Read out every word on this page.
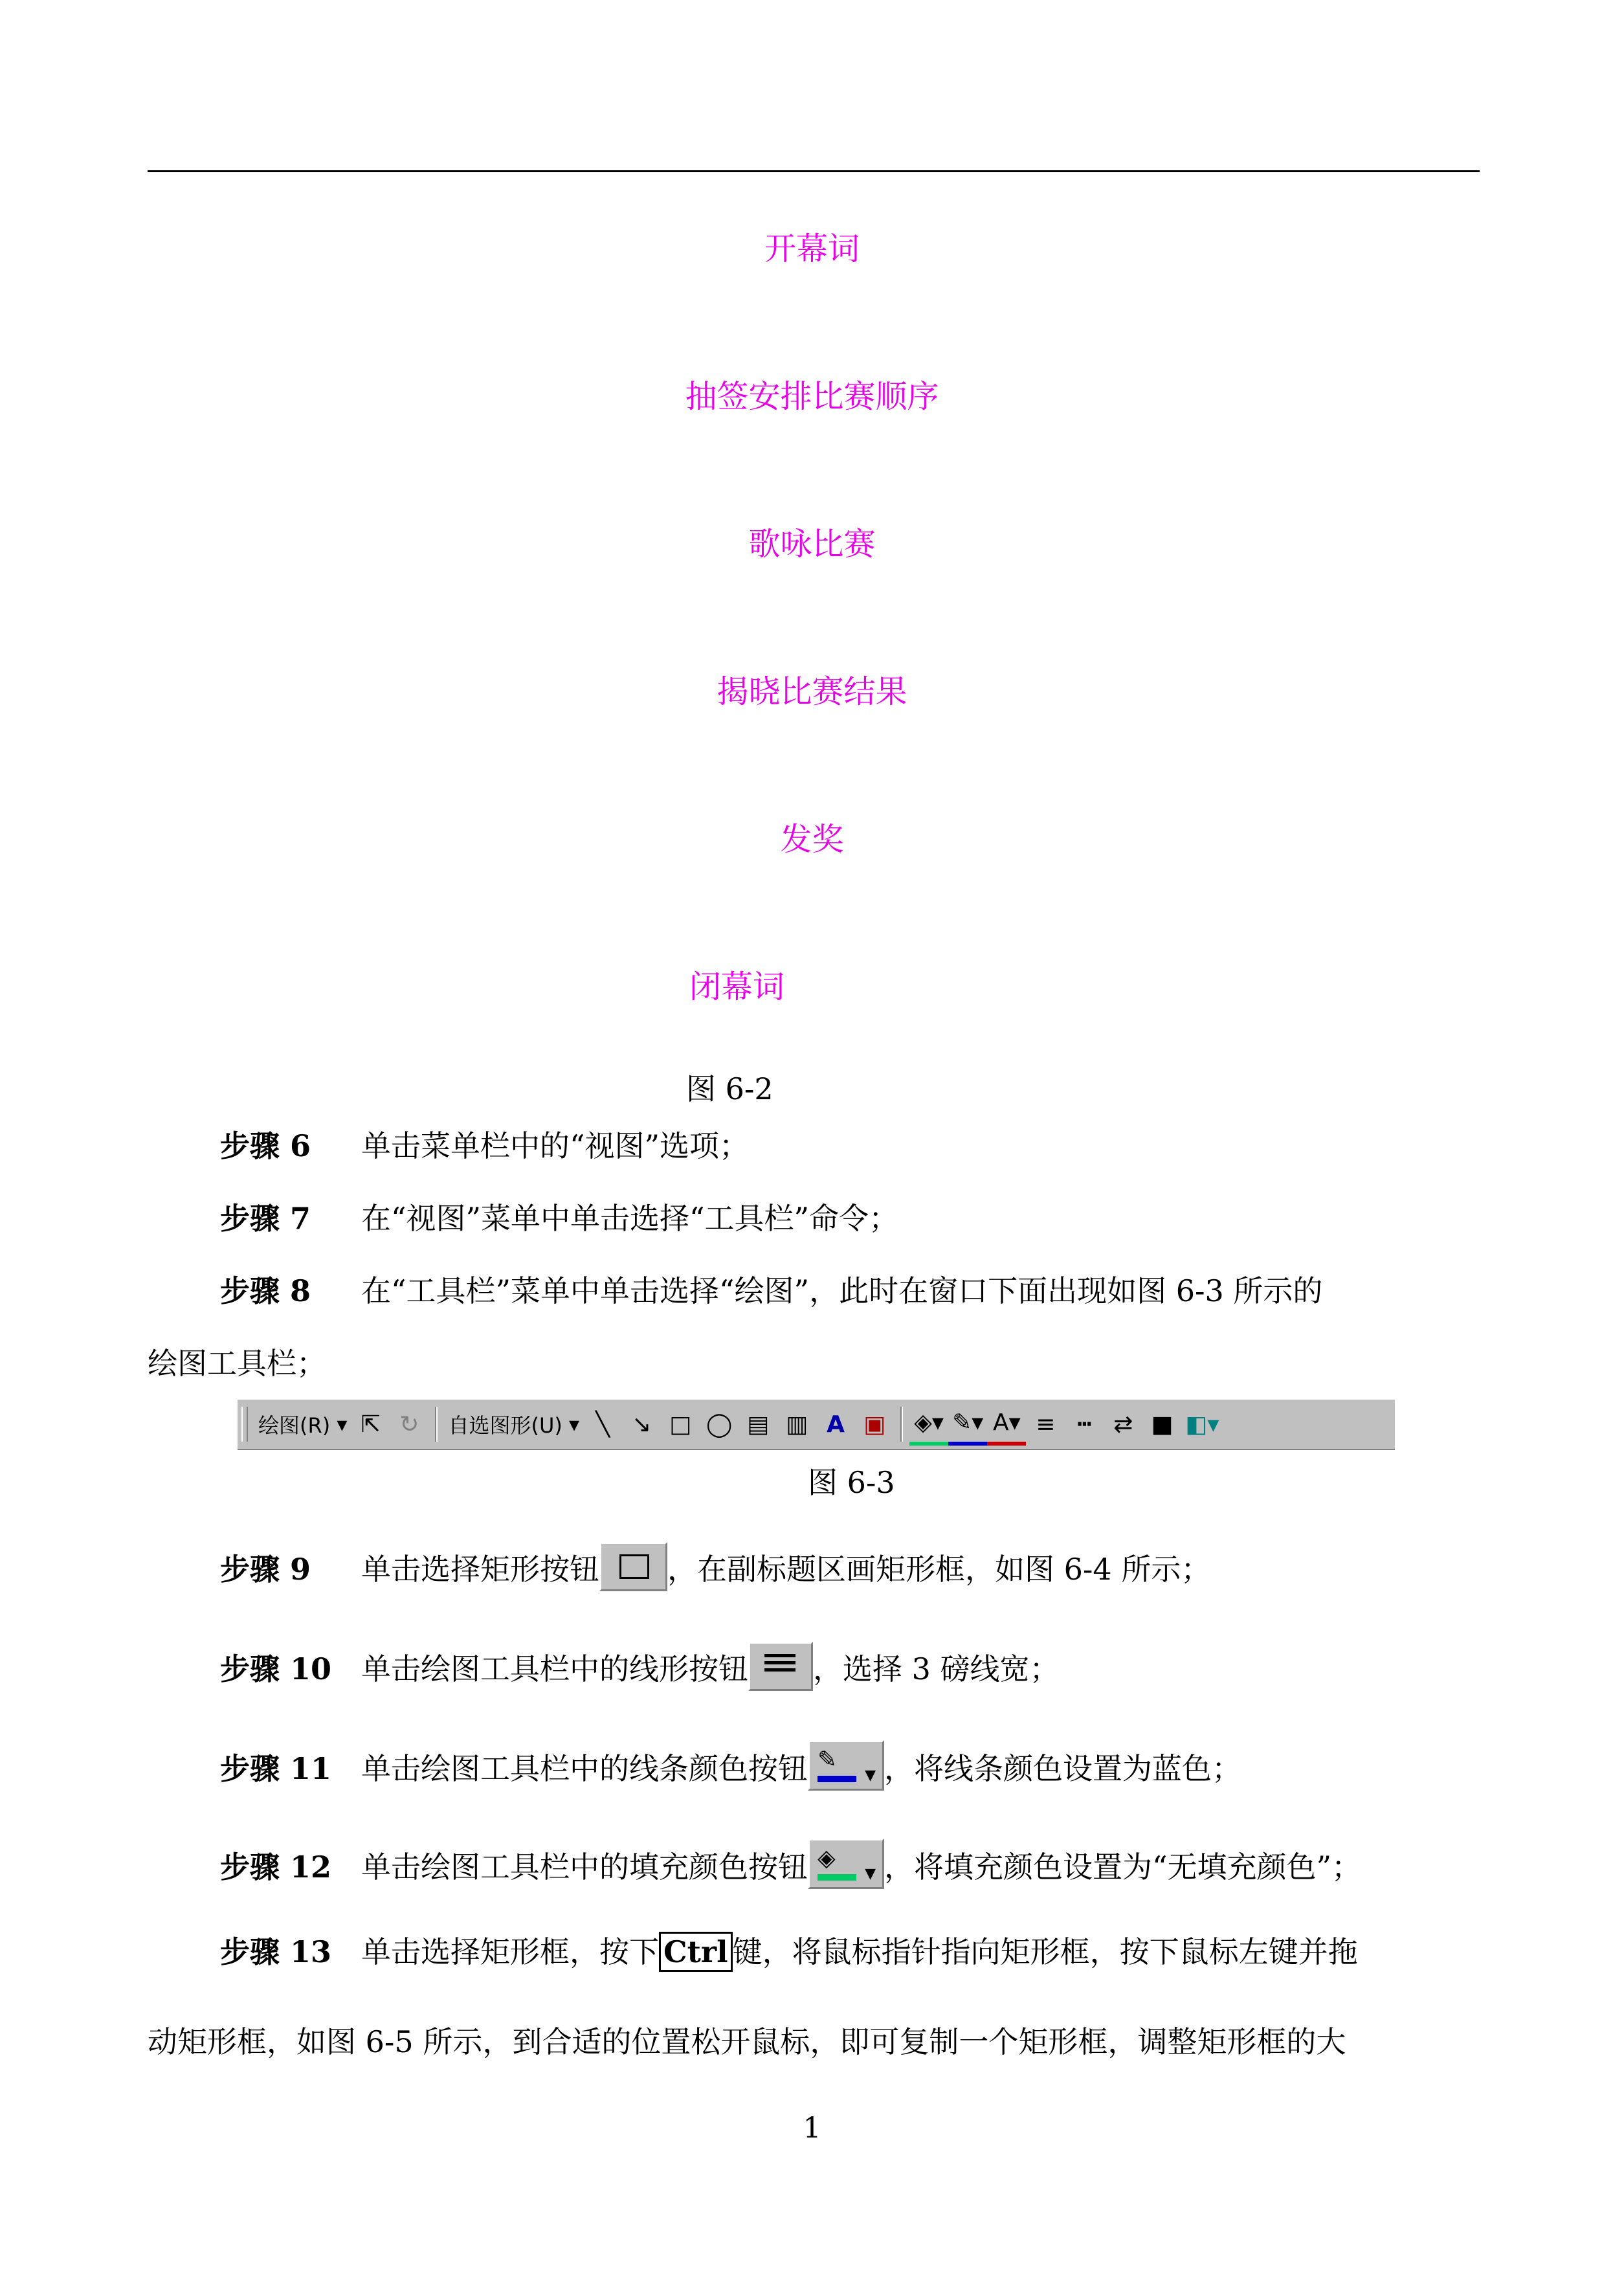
开幕词
抽签安排比赛顺序
歌咏比赛
揭晓比赛结果
发奖
闭幕词
图 6-2
步骤 6 单击菜单栏中的“视图”选项；
步骤 7 在“视图”菜单中单击选择“工具栏”命令；
步骤 8 在“工具栏”菜单中单击选择“绘图”，此时在窗口下面出现如图 6-3 所示的
绘图工具栏；
绘图(R) ▾ ⇱ ↻	自选图形(U) ▾ ╲ ↘ □ ◯ ▤ ▥ A ▣	◈▾ ✎▾ A▾ ≡ ┅ ⇄ ■ ◧▾
图 6-3
步骤 9 单击选择矩形按钮 ，在副标题区画矩形框，如图 6-4 所示；
步骤 10 单击绘图工具栏中的线形按钮 ，选择 3 磅线宽；
步骤 11 单击绘图工具栏中的线条颜色按钮 ✎
▼ ，将线条颜色设置为蓝色；
步骤 12 单击绘图工具栏中的填充颜色按钮 ◈
▼ ，将填充颜色设置为“无填充颜色”；
步骤 13 单击选择矩形框，按下 Ctrl 键，将鼠标指针指向矩形框，按下鼠标左键并拖
动矩形框，如图 6-5 所示，到合适的位置松开鼠标，即可复制一个矩形框，调整矩形框的大
1
